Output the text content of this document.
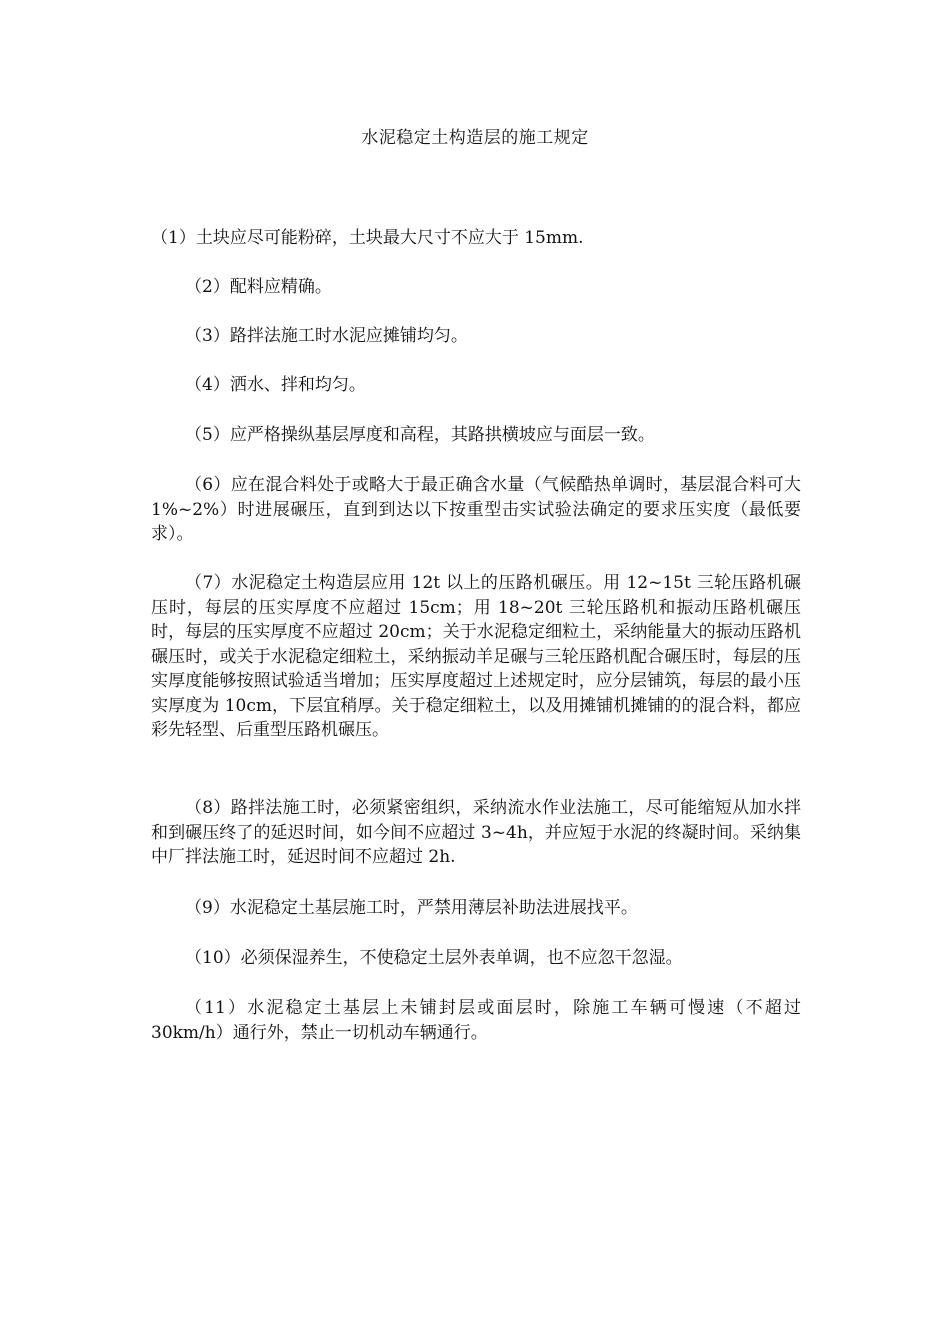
水泥稳定土构造层的施工规定

（1）土块应尽可能粉碎，土块最大尺寸不应大于 15mm.

（2）配料应精确。

（3）路拌法施工时水泥应摊铺均匀。

（4）洒水、拌和均匀。

（5）应严格操纵基层厚度和高程，其路拱横坡应与面层一致。

（6）应在混合料处于或略大于最正确含水量（气候酷热单调时，基层混合料可大 1%~2%）时进展碾压，直到到达以下按重型击实试验法确定的要求压实度（最低要求）。

（7）水泥稳定土构造层应用 12t 以上的压路机碾压。用 12~15t 三轮压路机碾压时，每层的压实厚度不应超过 15cm；用 18~20t 三轮压路机和振动压路机碾压时，每层的压实厚度不应超过 20cm；关于水泥稳定细粒土，采纳能量大的振动压路机碾压时，或关于水泥稳定细粒土，采纳振动羊足碾与三轮压路机配合碾压时，每层的压实厚度能够按照试验适当增加；压实厚度超过上述规定时，应分层铺筑，每层的最小压实厚度为 10cm，下层宜稍厚。关于稳定细粒土，以及用摊铺机摊铺的的混合料，都应彩先轻型、后重型压路机碾压。

（8）路拌法施工时，必须紧密组织，采纳流水作业法施工，尽可能缩短从加水拌和到碾压终了的延迟时间，如今间不应超过 3~4h，并应短于水泥的终凝时间。采纳集中厂拌法施工时，延迟时间不应超过 2h.

（9）水泥稳定土基层施工时，严禁用薄层补助法进展找平。

（10）必须保湿养生，不使稳定土层外表单调，也不应忽干忽湿。

（11）水泥稳定土基层上未铺封层或面层时，除施工车辆可慢速（不超过 30km/h）通行外，禁止一切机动车辆通行。
